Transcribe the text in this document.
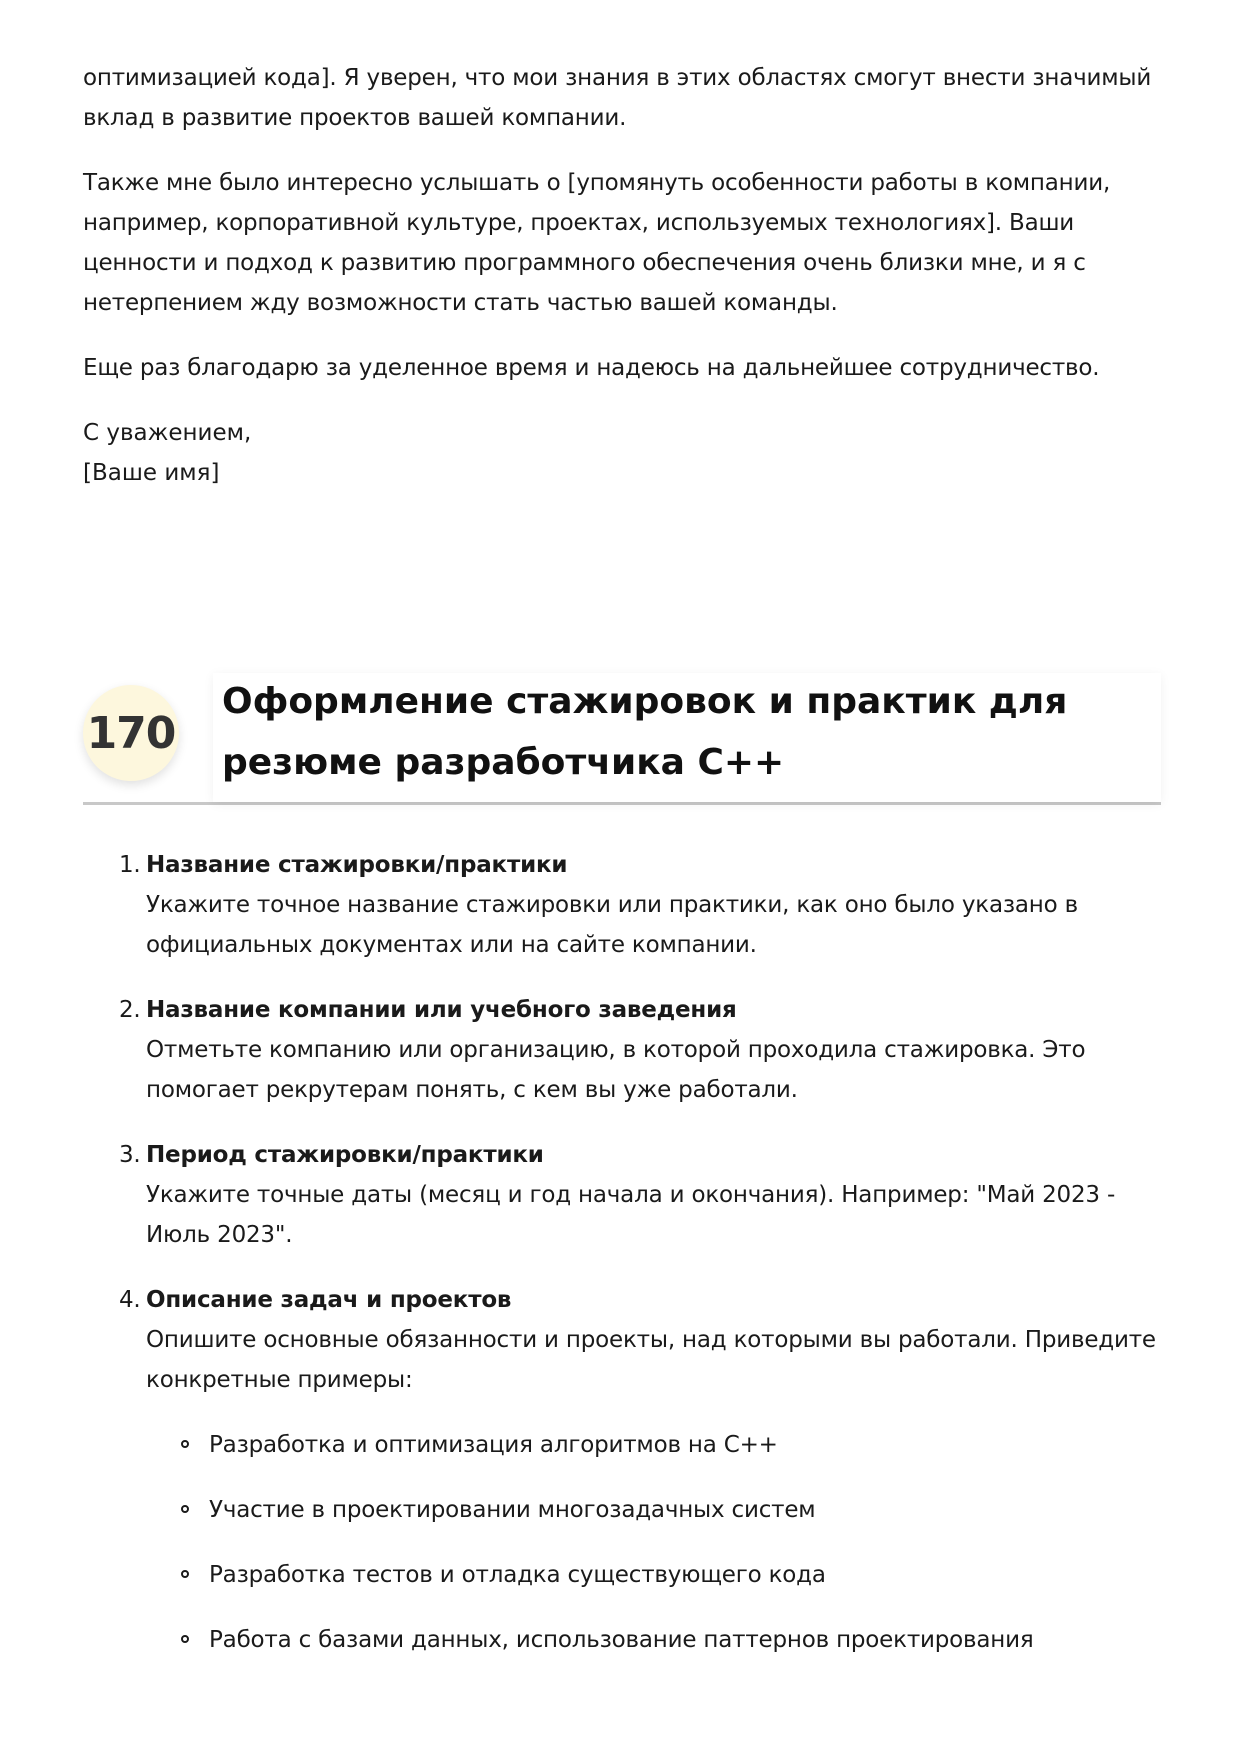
оптимизацией кода]. Я уверен, что мои знания в этих областях смогут внести значимый вклад в развитие проектов вашей компании.

Также мне было интересно услышать о [упомянуть особенности работы в компании, например, корпоративной культуре, проектах, используемых технологиях]. Ваши ценности и подход к развитию программного обеспечения очень близки мне, и я с нетерпением жду возможности стать частью вашей команды.

Еще раз благодарю за уделенное время и надеюсь на дальнейшее сотрудничество.

С уважением,
[Ваше имя]
170
Оформление стажировок и практик для резюме разработчика C++
1. Название стажировки/практики
Укажите точное название стажировки или практики, как оно было указано в официальных документах или на сайте компании.
2. Название компании или учебного заведения
Отметьте компанию или организацию, в которой проходила стажировка. Это помогает рекрутерам понять, с кем вы уже работали.
3. Период стажировки/практики
Укажите точные даты (месяц и год начала и окончания). Например: "Май 2023 - Июль 2023".
4. Описание задач и проектов
Опишите основные обязанности и проекты, над которыми вы работали. Приведите конкретные примеры:
Разработка и оптимизация алгоритмов на C++
Участие в проектировании многозадачных систем
Разработка тестов и отладка существующего кода
Работа с базами данных, использование паттернов проектирования
